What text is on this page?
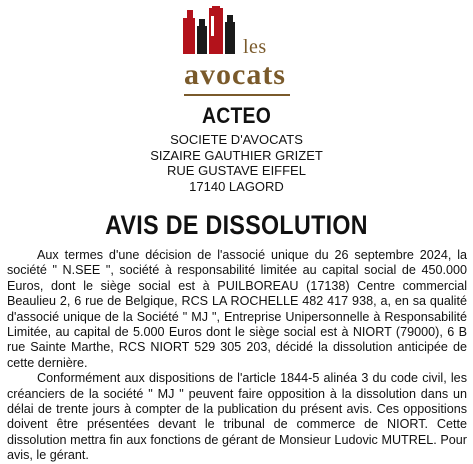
les
avocats
ACTEO
SOCIETE D'AVOCATS
SIZAIRE GAUTHIER GRIZET
RUE GUSTAVE EIFFEL
17140 LAGORD
AVIS DE DISSOLUTION

Aux termes d'une décision de l'associé unique du 26 septembre 2024, la société " N.SEE ", société à responsabilité limitée au capital social de 450.000 Euros, dont le siège social est à PUILBOREAU (17138) Centre commercial Beaulieu 2, 6 rue de Belgique, RCS LA ROCHELLE 482 417 938, a, en sa qualité d'associé unique de la Société " MJ ", Entreprise Unipersonnelle à Responsabilité Limitée, au capital de 5.000 Euros dont le siège social est à NIORT (79000), 6 B rue Sainte Marthe, RCS NIORT 529 305 203, décidé la dissolution anticipée de cette dernière.

Conformément aux dispositions de l'article 1844-5 alinéa 3 du code civil, les créanciers de la société " MJ " peuvent faire opposition à la dissolution dans un délai de trente jours à compter de la publication du présent avis. Ces oppositions doivent être présentées devant le tribunal de commerce de NIORT. Cette dissolution mettra fin aux fonctions de gérant de Monsieur Ludovic MUTREL. Pour avis, le gérant.
